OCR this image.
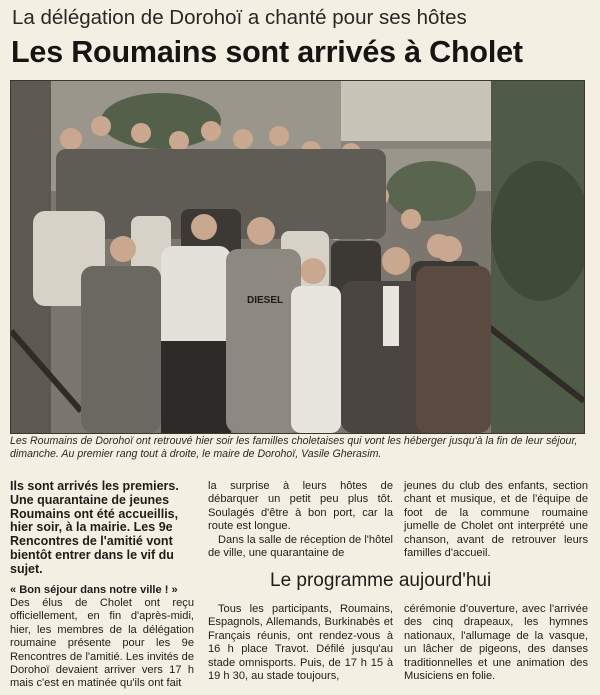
La délégation de Dorohoï a chanté pour ses hôtes
Les Roumains sont arrivés à Cholet
DIESEL
Les Roumains de Dorohoï ont retrouvé hier soir les familles choletaises qui vont les héberger jusqu'à la fin de leur séjour, dimanche. Au premier rang tout à droite, le maire de Dorohoï, Vasile Gherasim.
Ils sont arrivés les premiers. Une quarantaine de jeunes Roumains ont été accueillis, hier soir, à la mairie. Les 9e Rencontres de l'amitié vont bientôt entrer dans le vif du sujet.
« Bon séjour dans notre ville ! »

Des élus de Cholet ont reçu officiellement, en fin d'après-midi, hier, les membres de la délégation roumaine présente pour les 9e Rencontres de l'amitié. Les invités de Dorohoï devaient arriver vers 17 h mais c'est en matinée qu'ils ont fait

la surprise à leurs hôtes de débarquer un petit peu plus tôt. Soulagés d'être à bon port, car la route est longue.

Dans la salle de réception de l'hôtel de ville, une quarantaine de

jeunes du club des enfants, section chant et musique, et de l'équipe de foot de la commune roumaine jumelle de Cholet ont interprété une chanson, avant de retrouver leurs familles d'accueil.

Le programme aujourd'hui

Tous les participants, Roumains, Espagnols, Allemands, Burkinabès et Français réunis, ont rendez-vous à 16 h place Travot. Défilé jusqu'au stade omnisports. Puis, de 17 h 15 à 19 h 30, au stade toujours,

cérémonie d'ouverture, avec l'arrivée des cinq drapeaux, les hymnes nationaux, l'allumage de la vasque, un lâcher de pigeons, des danses traditionnelles et une animation des Musiciens en folie.
